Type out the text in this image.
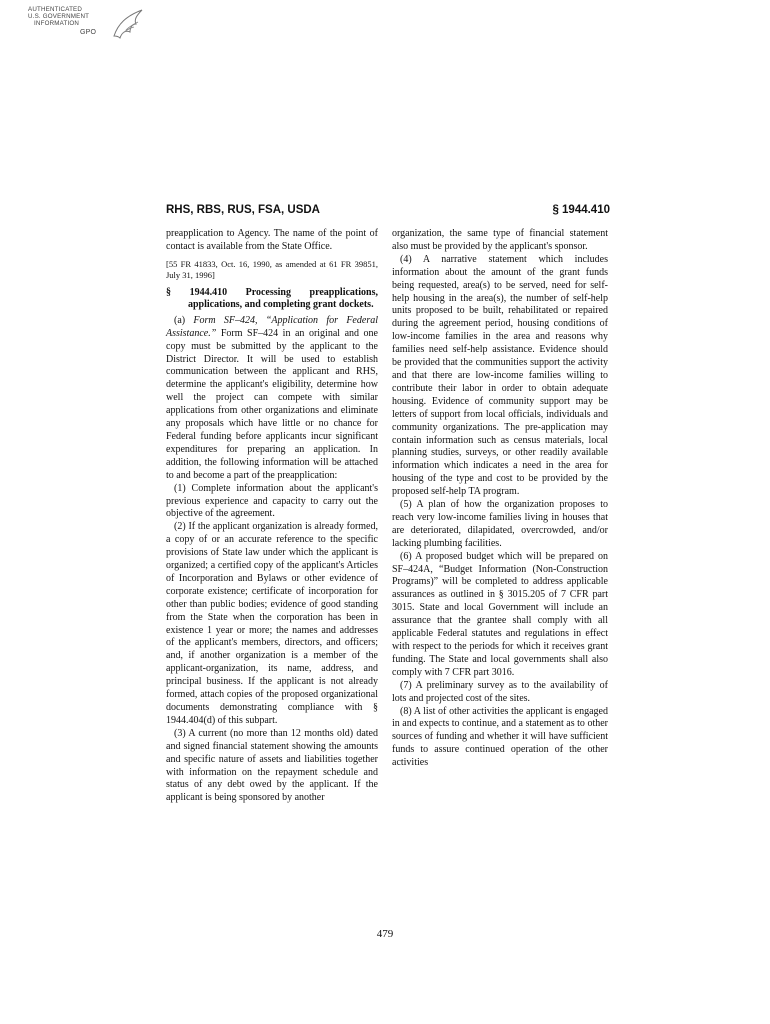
AUTHENTICATED
U.S. GOVERNMENT
INFORMATION
GPO
RHS, RBS, RUS, FSA, USDA	§ 1944.410

preapplication to Agency. The name of the point of contact is available from the State Office.

[55 FR 41833, Oct. 16, 1990, as amended at 61 FR 39851, July 31, 1996]

§ 1944.410 Processing preapplications, applications, and completing grant dockets.

(a) Form SF–424, “Application for Federal Assistance.” Form SF–424 in an original and one copy must be submitted by the applicant to the District Director. It will be used to establish communication between the applicant and RHS, determine the applicant's eligibility, determine how well the project can compete with similar applications from other organizations and eliminate any proposals which have little or no chance for Federal funding before applicants incur significant expenditures for preparing an application. In addition, the following information will be attached to and become a part of the preapplication:

(1) Complete information about the applicant's previous experience and capacity to carry out the objective of the agreement.

(2) If the applicant organization is already formed, a copy of or an accurate reference to the specific provisions of State law under which the applicant is organized; a certified copy of the applicant's Articles of Incorporation and Bylaws or other evidence of corporate existence; certificate of incorporation for other than public bodies; evidence of good standing from the State when the corporation has been in existence 1 year or more; the names and addresses of the applicant's members, directors, and officers; and, if another organization is a member of the applicant-organization, its name, address, and principal business. If the applicant is not already formed, attach copies of the proposed organizational documents demonstrating compliance with § 1944.404(d) of this subpart.

(3) A current (no more than 12 months old) dated and signed financial statement showing the amounts and specific nature of assets and liabilities together with information on the repayment schedule and status of any debt owed by the applicant. If the applicant is being sponsored by another

organization, the same type of financial statement also must be provided by the applicant's sponsor.

(4) A narrative statement which includes information about the amount of the grant funds being requested, area(s) to be served, need for self-help housing in the area(s), the number of self-help units proposed to be built, rehabilitated or repaired during the agreement period, housing conditions of low-income families in the area and reasons why families need self-help assistance. Evidence should be provided that the communities support the activity and that there are low-income families willing to contribute their labor in order to obtain adequate housing. Evidence of community support may be letters of support from local officials, individuals and community organizations. The pre-application may contain information such as census materials, local planning studies, surveys, or other readily available information which indicates a need in the area for housing of the type and cost to be provided by the proposed self-help TA program.

(5) A plan of how the organization proposes to reach very low-income families living in houses that are deteriorated, dilapidated, overcrowded, and/or lacking plumbing facilities.

(6) A proposed budget which will be prepared on SF–424A, “Budget Information (Non-Construction Programs)” will be completed to address applicable assurances as outlined in § 3015.205 of 7 CFR part 3015. State and local Government will include an assurance that the grantee shall comply with all applicable Federal statutes and regulations in effect with respect to the periods for which it receives grant funding. The State and local governments shall also comply with 7 CFR part 3016.

(7) A preliminary survey as to the availability of lots and projected cost of the sites.

(8) A list of other activities the applicant is engaged in and expects to continue, and a statement as to other sources of funding and whether it will have sufficient funds to assure continued operation of the other activities

479
